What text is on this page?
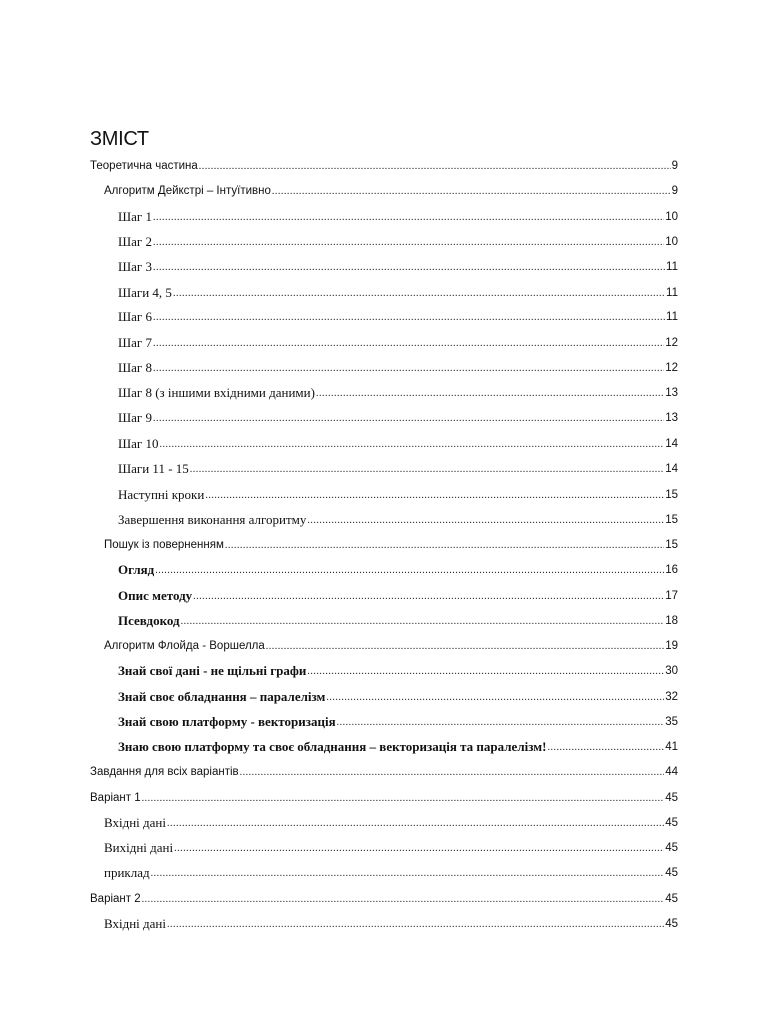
ЗМІСТ
Теоретична частина .....	9
Алгоритм Дейкстрі – Інтуїтивно .....	9
Шаг 1 .....	10
Шаг 2 .....	10
Шаг 3 .....	11
Шаги 4, 5 .....	11
Шаг 6 .....	11
Шаг 7 .....	12
Шаг 8 .....	12
Шаг 8 (з іншими вхідними даними) .....	13
Шаг 9 .....	13
Шаг 10 .....	14
Шаги 11 - 15 .....	14
Наступні кроки .....	15
Завершення виконання алгоритму .....	15
Пошук із поверненням .....	15
Огляд .....	16
Опис методу .....	17
Псевдокод .....	18
Алгоритм Флойда - Воршелла .....	19
Знай свої дані - не щільні графи .....	30
Знай своє обладнання – паралелізм .....	32
Знай свою платформу - векторизація .....	35
Знаю свою платформу та своє обладнання – векторизація та паралелізм! .....	41
Завдання для всіх варіантів .....	44
Варіант 1 .....	45
Вхідні дані .....	45
Вихідні дані .....	45
приклад .....	45
Варіант 2 .....	45
Вхідні дані .....	45
